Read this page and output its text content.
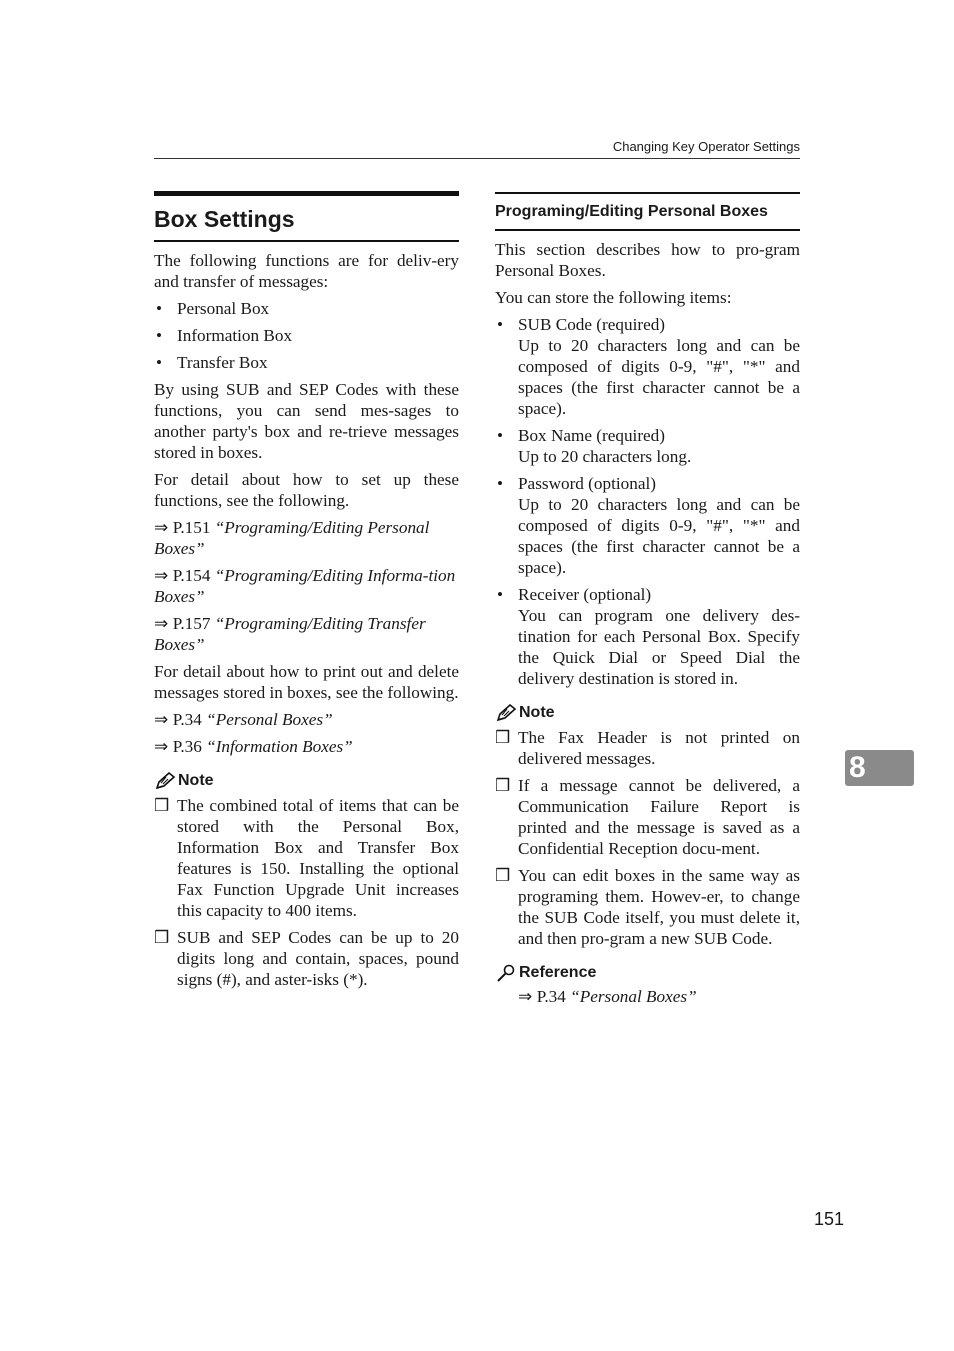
Changing Key Operator Settings
Box Settings

The following functions are for deliv-ery and transfer of messages:

• Personal Box
• Information Box
• Transfer Box

By using SUB and SEP Codes with these functions, you can send mes-sages to another party's box and re-trieve messages stored in boxes.

For detail about how to set up these functions, see the following.

⇒ P.151 “Programing/Editing Personal Boxes”

⇒ P.154 “Programing/Editing Informa-tion Boxes”

⇒ P.157 “Programing/Editing Transfer Boxes”

For detail about how to print out and delete messages stored in boxes, see the following.

⇒ P.34 “Personal Boxes”

⇒ P.36 “Information Boxes”

Note
❒ The combined total of items that can be stored with the Personal Box, Information Box and Transfer Box features is 150. Installing the optional Fax Function Upgrade Unit increases this capacity to 400 items.
❒ SUB and SEP Codes can be up to 20 digits long and contain, spaces, pound signs (#), and aster-isks (*).
Programing/Editing Personal Boxes

This section describes how to pro-gram Personal Boxes.

You can store the following items:

• SUB Code (required)
Up to 20 characters long and can be composed of digits 0-9, "#", "*" and spaces (the first character cannot be a space).
• Box Name (required)
Up to 20 characters long.
• Password (optional)
Up to 20 characters long and can be composed of digits 0-9, "#", "*" and spaces (the first character cannot be a space).
• Receiver (optional)
You can program one delivery des-tination for each Personal Box. Specify the Quick Dial or Speed Dial the delivery destination is stored in.
Note
❒ The Fax Header is not printed on delivered messages.
❒ If a message cannot be delivered, a Communication Failure Report is printed and the message is saved as a Confidential Reception docu-ment.
❒ You can edit boxes in the same way as programing them. Howev-er, to change the SUB Code itself, you must delete it, and then pro-gram a new SUB Code.
Reference

⇒ P.34 “Personal Boxes”

8
151
